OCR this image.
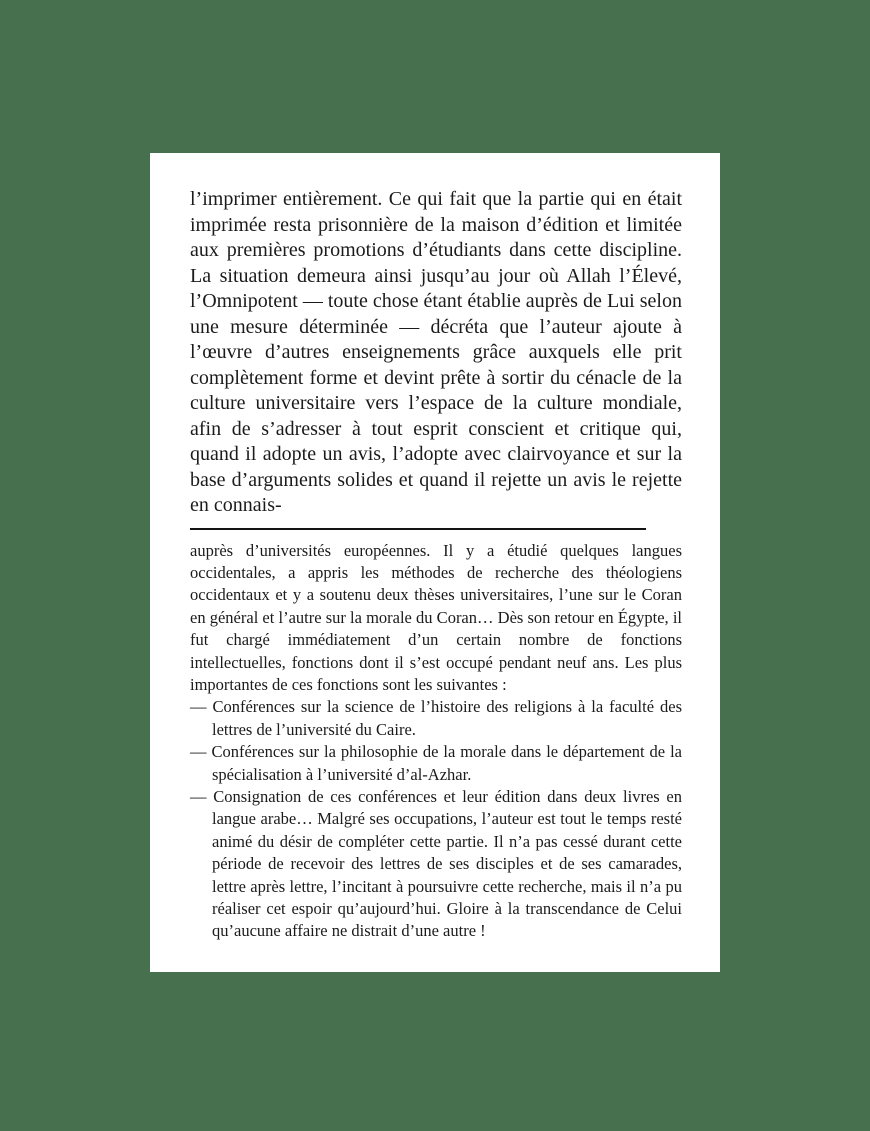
l’imprimer entièrement. Ce qui fait que la partie qui en était imprimée resta prisonnière de la maison d’édition et limitée aux premières promotions d’étudiants dans cette discipline. La situation demeura ainsi jusqu’au jour où Allah l’Élevé, l’Omnipotent — toute chose étant établie auprès de Lui selon une mesure déterminée — décréta que l’auteur ajoute à l’œuvre d’autres enseignements grâce auxquels elle prit complètement forme et devint prête à sortir du cénacle de la culture universitaire vers l’espace de la culture mondiale, afin de s’adresser à tout esprit conscient et critique qui, quand il adopte un avis, l’adopte avec clairvoyance et sur la base d’arguments solides et quand il rejette un avis le rejette en connais-

auprès d’universités européennes. Il y a étudié quelques langues occidentales, a appris les méthodes de recherche des théologiens occidentaux et y a soutenu deux thèses universitaires, l’une sur le Coran en général et l’autre sur la morale du Coran… Dès son retour en Égypte, il fut chargé immédiatement d’un certain nombre de fonctions intellectuelles, fonctions dont il s’est occupé pendant neuf ans. Les plus importantes de ces fonctions sont les suivantes :

— Conférences sur la science de l’histoire des religions à la faculté des lettres de l’université du Caire.

— Conférences sur la philosophie de la morale dans le département de la spécialisation à l’université d’al-Azhar.

— Consignation de ces conférences et leur édition dans deux livres en langue arabe… Malgré ses occupations, l’auteur est tout le temps resté animé du désir de compléter cette partie. Il n’a pas cessé durant cette période de recevoir des lettres de ses disciples et de ses camarades, lettre après lettre, l’incitant à poursuivre cette recherche, mais il n’a pu réaliser cet espoir qu’aujourd’hui. Gloire à la transcendance de Celui qu’aucune affaire ne distrait d’une autre !
